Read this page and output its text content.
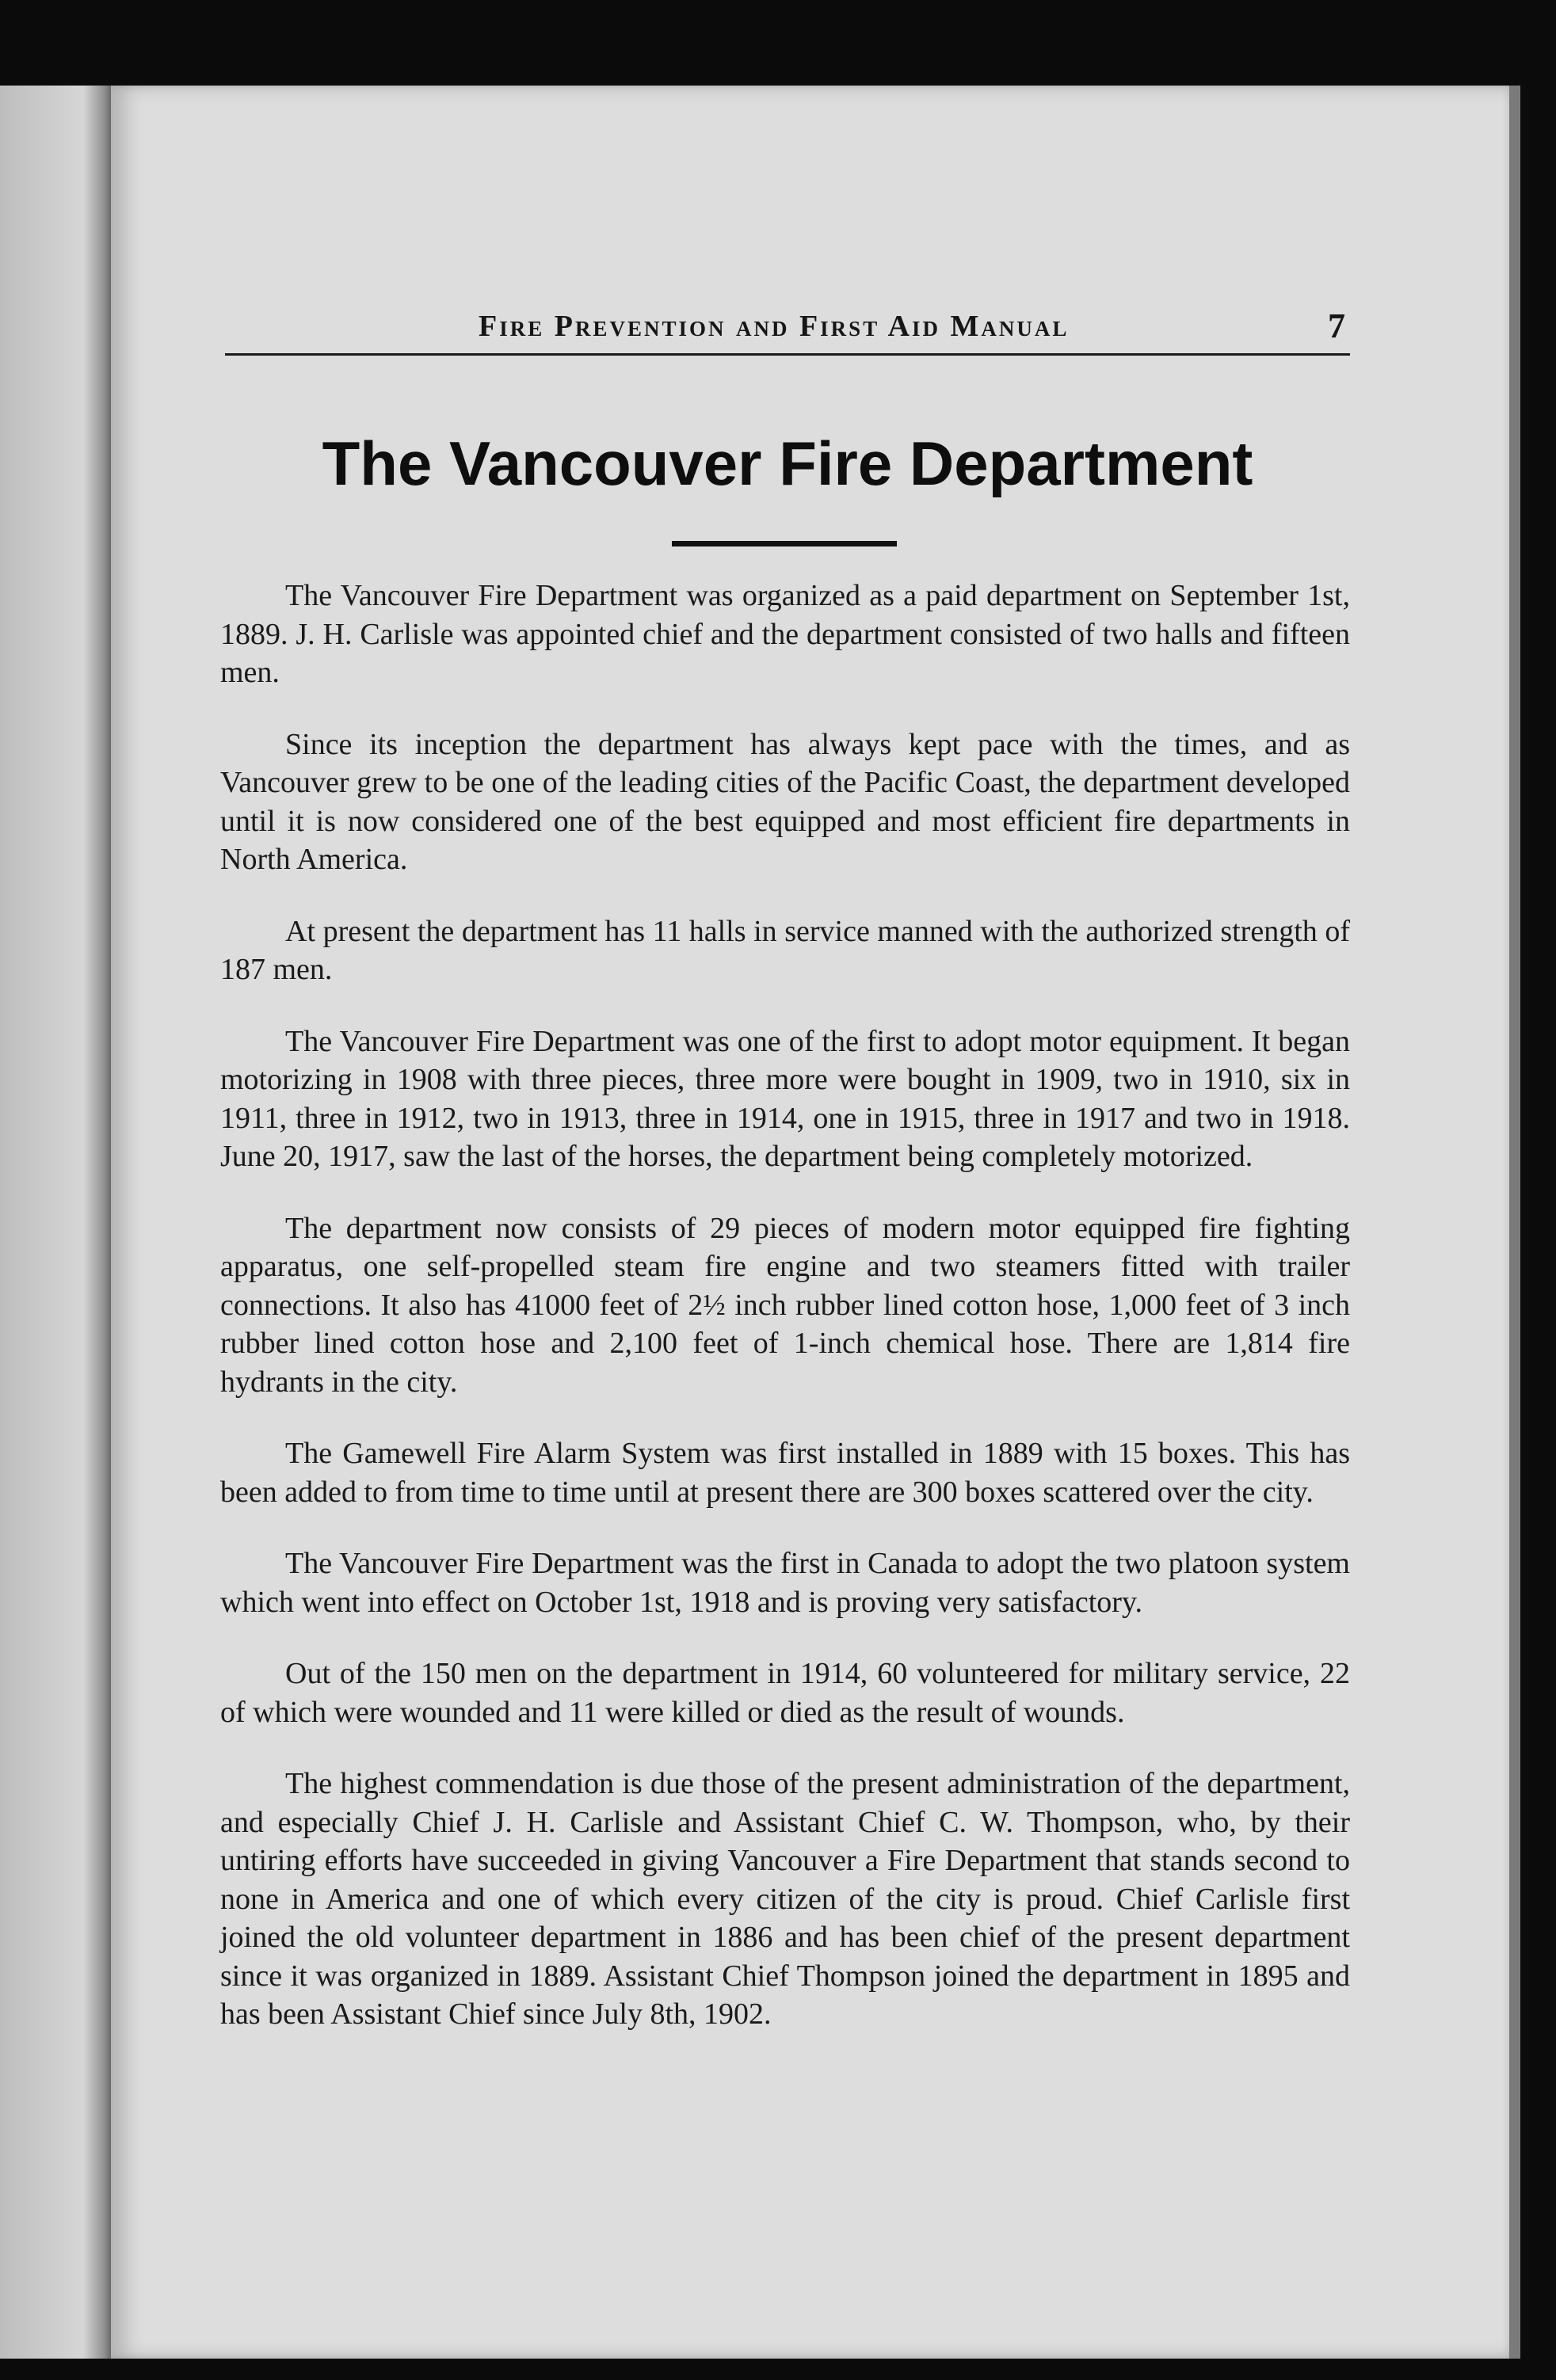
Fire Prevention and First Aid Manual	7
The Vancouver Fire Department

The Vancouver Fire Department was organized as a paid department on September 1st, 1889. J. H. Carlisle was appointed chief and the department consisted of two halls and fifteen men.

Since its inception the department has always kept pace with the times, and as Vancouver grew to be one of the leading cities of the Pacific Coast, the department developed until it is now considered one of the best equipped and most efficient fire departments in North America.

At present the department has 11 halls in service manned with the authorized strength of 187 men.

The Vancouver Fire Department was one of the first to adopt motor equipment. It began motorizing in 1908 with three pieces, three more were bought in 1909, two in 1910, six in 1911, three in 1912, two in 1913, three in 1914, one in 1915, three in 1917 and two in 1918. June 20, 1917, saw the last of the horses, the department being completely motorized.

The department now consists of 29 pieces of modern motor equipped fire fighting apparatus, one self-propelled steam fire engine and two steamers fitted with trailer connections. It also has 41000 feet of 2½ inch rubber lined cotton hose, 1,000 feet of 3 inch rubber lined cotton hose and 2,100 feet of 1-inch chemical hose. There are 1,814 fire hydrants in the city.

The Gamewell Fire Alarm System was first installed in 1889 with 15 boxes. This has been added to from time to time until at present there are 300 boxes scattered over the city.

The Vancouver Fire Department was the first in Canada to adopt the two platoon system which went into effect on October 1st, 1918 and is proving very satisfactory.

Out of the 150 men on the department in 1914, 60 volunteered for military service, 22 of which were wounded and 11 were killed or died as the result of wounds.

The highest commendation is due those of the present administration of the department, and especially Chief J. H. Carlisle and Assistant Chief C. W. Thompson, who, by their untiring efforts have succeeded in giving Vancouver a Fire Department that stands second to none in America and one of which every citizen of the city is proud. Chief Carlisle first joined the old volunteer department in 1886 and has been chief of the present department since it was organized in 1889. Assistant Chief Thompson joined the department in 1895 and has been Assistant Chief since July 8th, 1902.
